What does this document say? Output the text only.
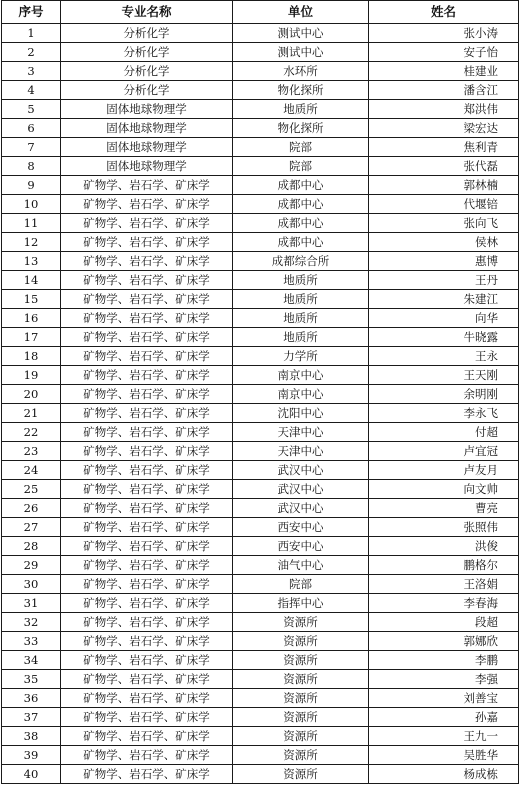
序号	专业名称	单位	姓名
1	分析化学	测试中心	张小涛
2	分析化学	测试中心	安子怡
3	分析化学	水环所	桂建业
4	分析化学	物化探所	潘含江
5	固体地球物理学	地质所	郑洪伟
6	固体地球物理学	物化探所	梁宏达
7	固体地球物理学	院部	焦利青
8	固体地球物理学	院部	张代磊
9	矿物学、岩石学、矿床学	成都中心	郭林楠
10	矿物学、岩石学、矿床学	成都中心	代堰锫
11	矿物学、岩石学、矿床学	成都中心	张向飞
12	矿物学、岩石学、矿床学	成都中心	侯林
13	矿物学、岩石学、矿床学	成都综合所	惠博
14	矿物学、岩石学、矿床学	地质所	王丹
15	矿物学、岩石学、矿床学	地质所	朱建江
16	矿物学、岩石学、矿床学	地质所	向华
17	矿物学、岩石学、矿床学	地质所	牛晓露
18	矿物学、岩石学、矿床学	力学所	王永
19	矿物学、岩石学、矿床学	南京中心	王天刚
20	矿物学、岩石学、矿床学	南京中心	余明刚
21	矿物学、岩石学、矿床学	沈阳中心	李永飞
22	矿物学、岩石学、矿床学	天津中心	付超
23	矿物学、岩石学、矿床学	天津中心	卢宜冠
24	矿物学、岩石学、矿床学	武汉中心	卢友月
25	矿物学、岩石学、矿床学	武汉中心	向文帅
26	矿物学、岩石学、矿床学	武汉中心	曹亮
27	矿物学、岩石学、矿床学	西安中心	张照伟
28	矿物学、岩石学、矿床学	西安中心	洪俊
29	矿物学、岩石学、矿床学	油气中心	鹏格尔
30	矿物学、岩石学、矿床学	院部	王洛娟
31	矿物学、岩石学、矿床学	指挥中心	李春海
32	矿物学、岩石学、矿床学	资源所	段超
33	矿物学、岩石学、矿床学	资源所	郭娜欣
34	矿物学、岩石学、矿床学	资源所	李鹏
35	矿物学、岩石学、矿床学	资源所	李强
36	矿物学、岩石学、矿床学	资源所	刘善宝
37	矿物学、岩石学、矿床学	资源所	孙嘉
38	矿物学、岩石学、矿床学	资源所	王九一
39	矿物学、岩石学、矿床学	资源所	吴胜华
40	矿物学、岩石学、矿床学	资源所	杨成栋
